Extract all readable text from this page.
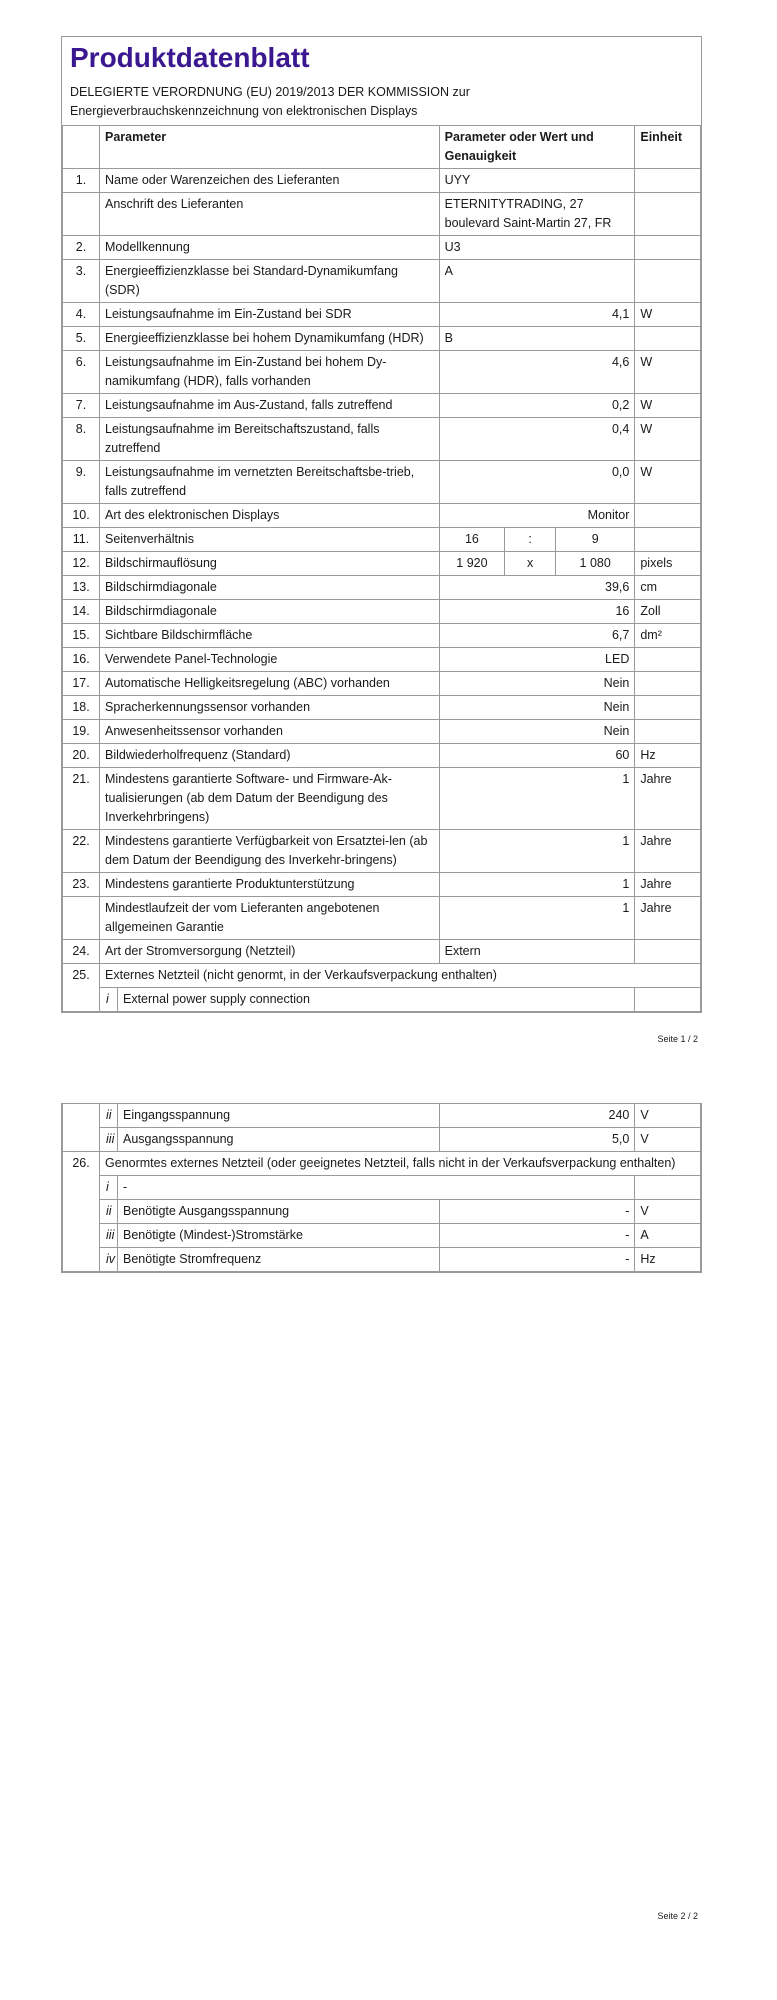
Produktdatenblatt
DELEGIERTE VERORDNUNG (EU) 2019/2013 DER KOMMISSION zur
Energieverbrauchskennzeichnung von elektronischen Displays
	Parameter		Parameter oder Wert und Genauigkeit			Einheit
1.	Name oder Warenzeichen des Lieferanten		UYY			
	Anschrift des Lieferanten		ETERNITYTRADING, 27 boulevard Saint-Martin 27, FR			
2.	Modellkennung		U3			
3.	Energieeffizienzklasse bei Standard-Dynamikumfang (SDR)		A			
4.	Leistungsaufnahme im Ein-Zustand bei SDR		4,1			W
5.	Energieeffizienzklasse bei hohem Dynamikumfang (HDR)		B			
6.	Leistungsaufnahme im Ein-Zustand bei hohem Dy-namikumfang (HDR), falls vorhanden		4,6			W
7.	Leistungsaufnahme im Aus-Zustand, falls zutreffend		0,2			W
8.	Leistungsaufnahme im Bereitschaftszustand, falls zutreffend		0,4			W
9.	Leistungsaufnahme im vernetzten Bereitschaftsbe-trieb, falls zutreffend		0,0			W
10.	Art des elektronischen Displays		Monitor			
11.	Seitenverhältnis		16	:	9	
12.	Bildschirmauflösung		1 920	x	1 080	pixels
13.	Bildschirmdiagonale		39,6			cm
14.	Bildschirmdiagonale		16			Zoll
15.	Sichtbare Bildschirmfläche		6,7			dm²
16.	Verwendete Panel-Technologie		LED			
17.	Automatische Helligkeitsregelung (ABC) vorhanden		Nein			
18.	Spracherkennungssensor vorhanden		Nein			
19.	Anwesenheitssensor vorhanden		Nein			
20.	Bildwiederholfrequenz (Standard)		60			Hz
21.	Mindestens garantierte Software- und Firmware-Ak-tualisierungen (ab dem Datum der Beendigung des Inverkehrbringens)		1			Jahre
22.	Mindestens garantierte Verfügbarkeit von Ersatztei-len (ab dem Datum der Beendigung des Inverkehr-bringens)		1			Jahre
23.	Mindestens garantierte Produktunterstützung		1			Jahre
	Mindestlaufzeit der vom Lieferanten angebotenen allgemeinen Garantie		1			Jahre
24.	Art der Stromversorgung (Netzteil)		Extern			
25.	Externes Netzteil (nicht genormt, in der Verkaufsverpackung enthalten)					
	i	External power supply connection				
Seite 1 / 2
	ii	Eingangsspannung	240	V
	iii	Ausgangsspannung	5,0	V
26.	Genormtes externes Netzteil (oder geeignetes Netzteil, falls nicht in der Verkaufsverpackung enthalten)			
	i	-		
	ii	Benötigte Ausgangsspannung	-	V
	iii	Benötigte (Mindest-)Stromstärke	-	A
	iv	Benötigte Stromfrequenz	-	Hz
Seite 2 / 2
